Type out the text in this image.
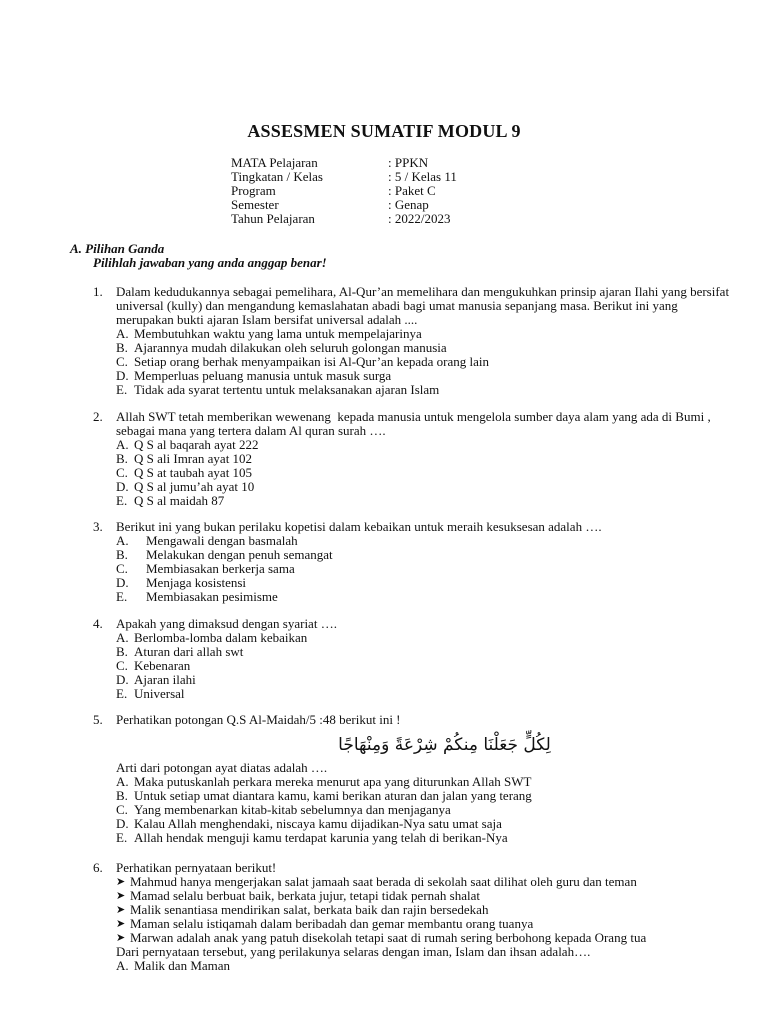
ASSESMEN SUMATIF MODUL 9
MATA Pelajaran	: PPKN
Tingkatan / Kelas	: 5 / Kelas 11
Program	: Paket C
Semester	: Genap
Tahun Pelajaran	: 2022/2023
A. Pilihan Ganda
Pilihlah jawaban yang anda anggap benar!
1. Dalam kedudukannya sebagai pemelihara, Al-Qur’an memelihara dan mengukuhkan prinsip ajaran Ilahi yang bersifat universal (kully) dan mengandung kemaslahatan abadi bagi umat manusia sepanjang masa. Berikut ini yang merupakan bukti ajaran Islam bersifat universal adalah ....
A. Membutuhkan waktu yang lama untuk mempelajarinya
B. Ajarannya mudah dilakukan oleh seluruh golongan manusia
C. Setiap orang berhak menyampaikan isi Al-Qur’an kepada orang lain
D. Memperluas peluang manusia untuk masuk surga
E. Tidak ada syarat tertentu untuk melaksanakan ajaran Islam
2. Allah SWT tetah memberikan wewenang  kepada manusia untuk mengelola sumber daya alam yang ada di Bumi , sebagai mana yang tertera dalam Al quran surah ….
A. Q S al baqarah ayat 222
B. Q S ali Imran ayat 102
C. Q S at taubah ayat 105
D. Q S al jumu’ah ayat 10
E. Q S al maidah 87
3. Berikut ini yang bukan perilaku kopetisi dalam kebaikan untuk meraih kesuksesan adalah ….
A.	Mengawali dengan basmalah
B.	Melakukan dengan penuh semangat
C.	Membiasakan berkerja sama
D.	Menjaga kosistensi
E.	Membiasakan pesimisme
4. Apakah yang dimaksud dengan syariat ….
A. Berlomba-lomba dalam kebaikan
B. Aturan dari allah swt
C. Kebenaran
D. Ajaran ilahi
E. Universal
5. Perhatikan potongan Q.S Al-Maidah/5 :48 berikut ini !
لِكُلٍّ جَعَلْنَا مِنكُمْ شِرْعَةً وَمِنْهَاجًا
Arti dari potongan ayat diatas adalah ….
A. Maka putuskanlah perkara mereka menurut apa yang diturunkan Allah SWT
B. Untuk setiap umat diantara kamu, kami berikan aturan dan jalan yang terang
C. Yang membenarkan kitab-kitab sebelumnya dan menjaganya
D. Kalau Allah menghendaki, niscaya kamu dijadikan-Nya satu umat saja
E. Allah hendak menguji kamu terdapat karunia yang telah di berikan-Nya
6. Perhatikan pernyataan berikut!
➤ Mahmud hanya mengerjakan salat jamaah saat berada di sekolah saat dilihat oleh guru dan teman
➤ Mamad selalu berbuat baik, berkata jujur, tetapi tidak pernah shalat
➤ Malik senantiasa mendirikan salat, berkata baik dan rajin bersedekah
➤ Maman selalu istiqamah dalam beribadah dan gemar membantu orang tuanya
➤ Marwan adalah anak yang patuh disekolah tetapi saat di rumah sering berbohong kepada Orang tua
Dari pernyataan tersebut, yang perilakunya selaras dengan iman, Islam dan ihsan adalah….
A. Malik dan Maman
